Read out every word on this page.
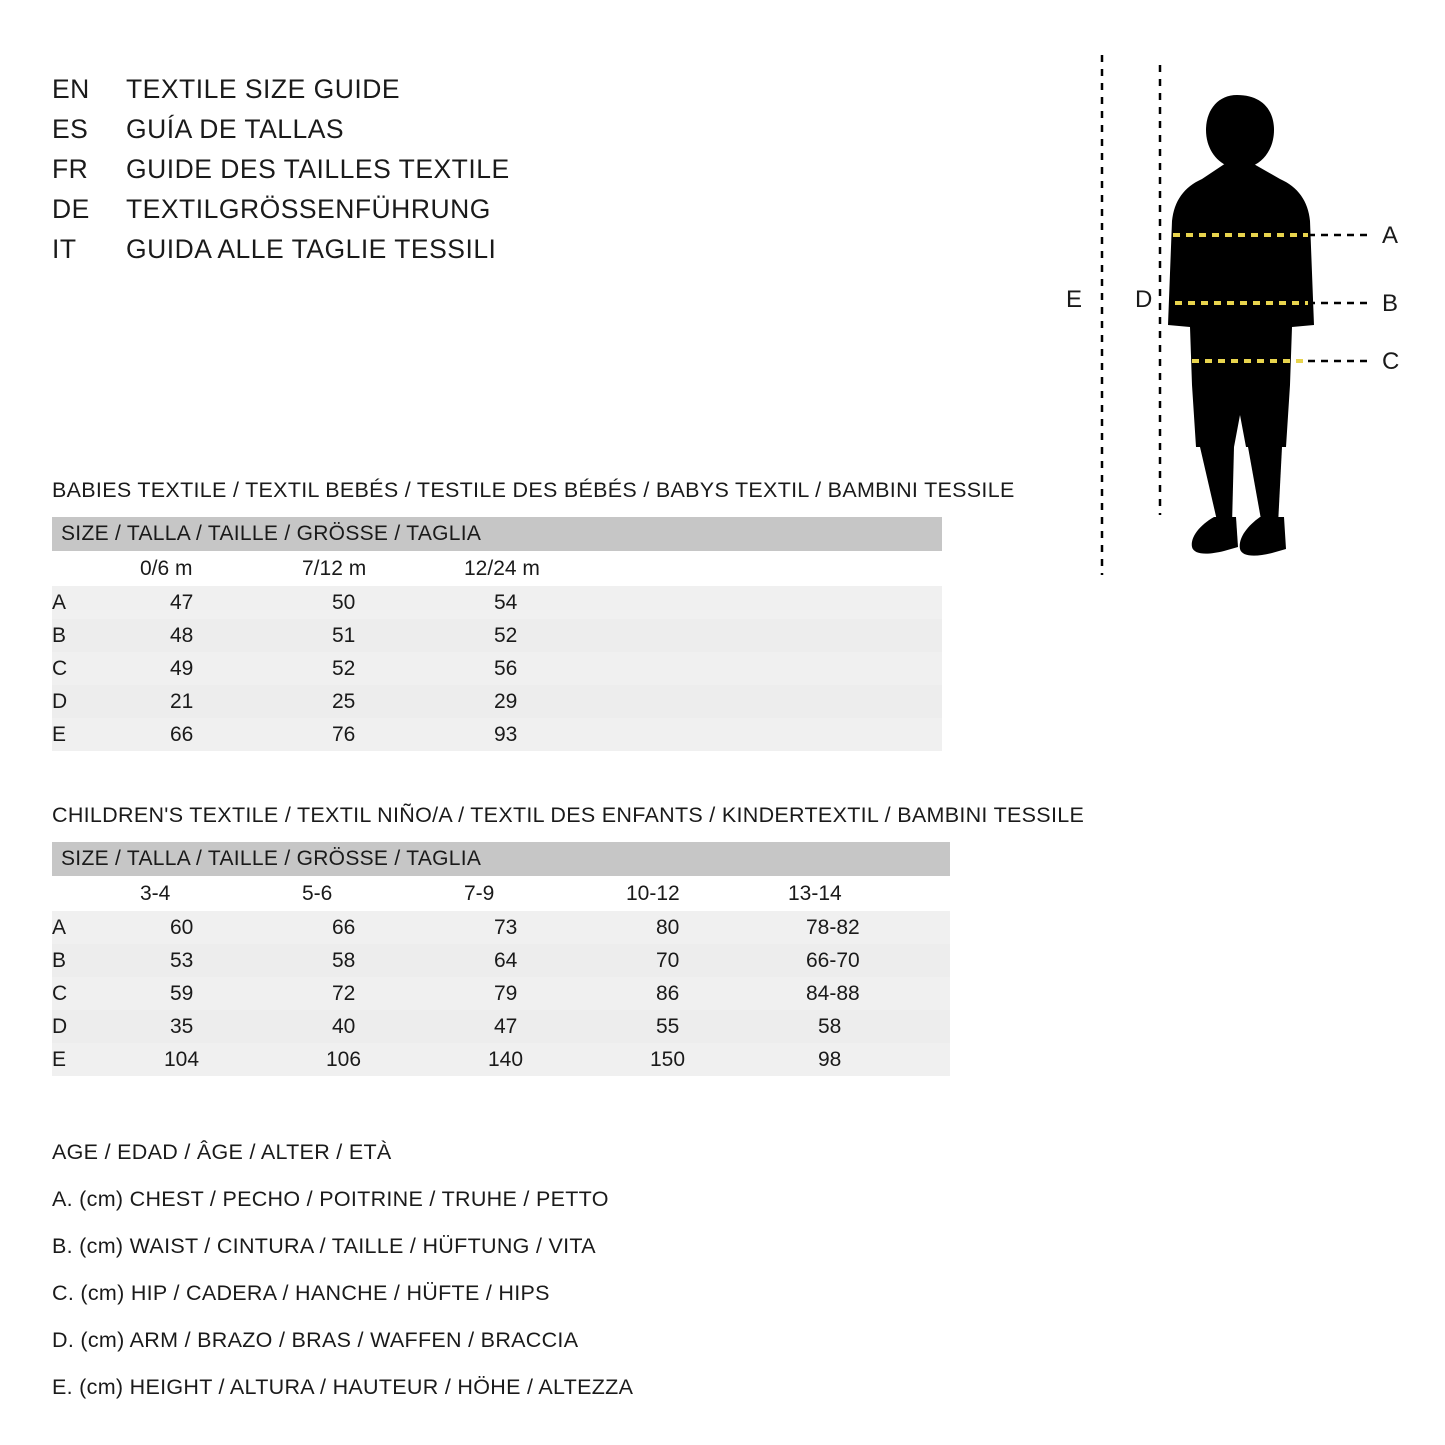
EN	TEXTILE SIZE GUIDE
ES	GUÍA DE TALLAS
FR	GUIDE DES TAILLES TEXTILE
DE	TEXTILGRÖSSENFÜHRUNG
IT	GUIDA ALLE TAGLIE TESSILI	A
B
C
D
E
BABIES TEXTILE / TEXTIL BEBÉS / TESTILE DES BÉBÉS / BABYS TEXTIL / BAMBINI TESSILE
SIZE / TALLA / TAILLE / GRÖSSE / TAGLIA				
	0/6 m	7/12 m	12/24 m	
A	47	50	54	
B	48	51	52	
C	49	52	56	
D	21	25	29	
E	66	76	93	
CHILDREN'S TEXTILE / TEXTIL NIÑO/A / TEXTIL DES ENFANTS / KINDERTEXTIL / BAMBINI TESSILE
SIZE / TALLA / TAILLE / GRÖSSE / TAGLIA					
	3-4	5-6	7-9	10-12	13-14
A	60	66	73	80	78-82
B	53	58	64	70	66-70
C	59	72	79	86	84-88
D	35	40	47	55	58
E	104	106	140	150	98
AGE / EDAD / ÂGE / ALTER / ETÀ
A. (cm) CHEST / PECHO / POITRINE / TRUHE / PETTO
B. (cm) WAIST / CINTURA / TAILLE / HÜFTUNG / VITA
C. (cm) HIP / CADERA / HANCHE / HÜFTE / HIPS
D. (cm) ARM / BRAZO / BRAS / WAFFEN / BRACCIA
E. (cm) HEIGHT / ALTURA / HAUTEUR / HÖHE / ALTEZZA
